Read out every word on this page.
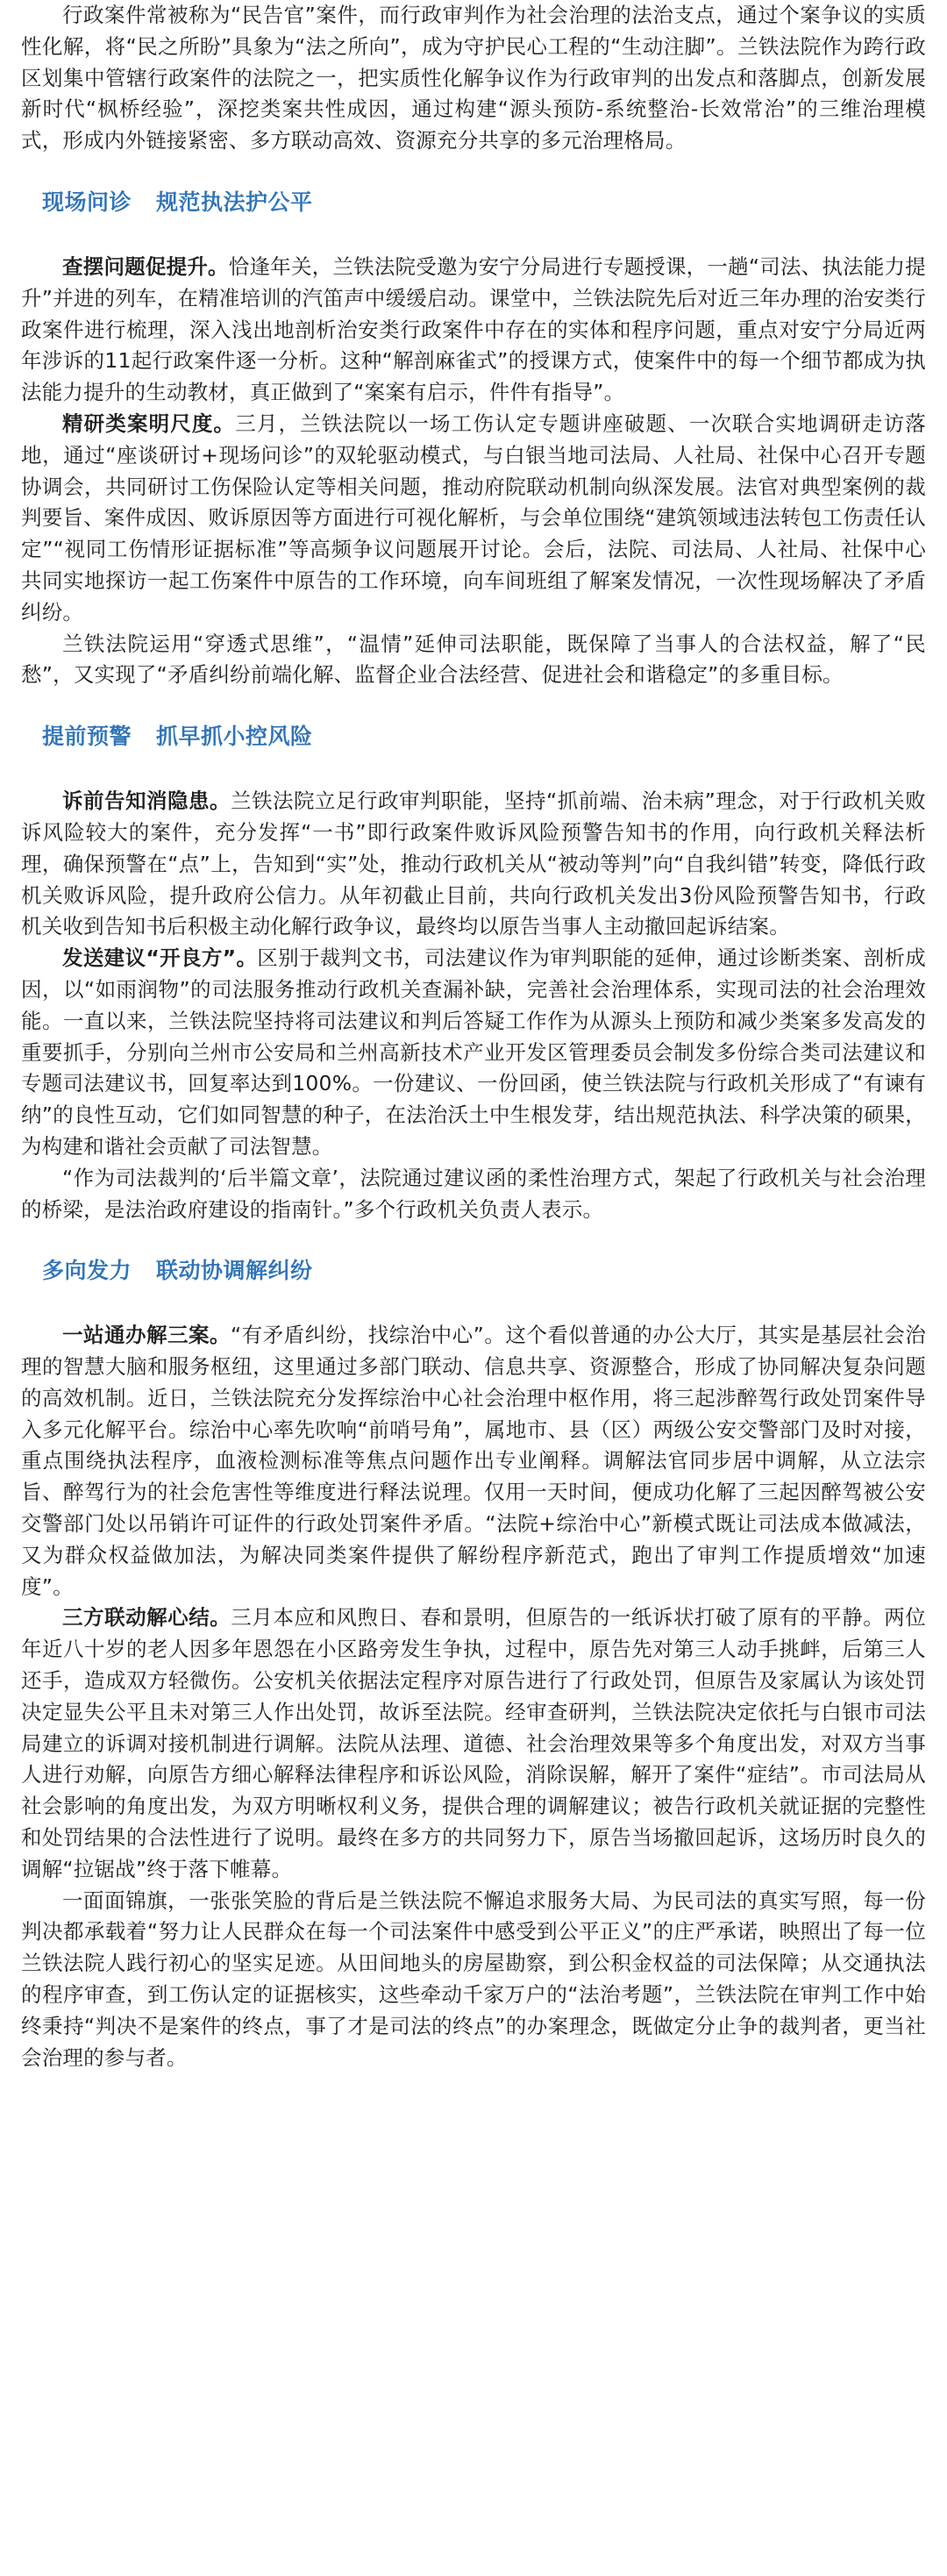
行政案件常被称为“民告官”案件，而行政审判作为社会治理的法治支点，通过个案争议的实质性化解，将“民之所盼”具象为“法之所向”，成为守护民心工程的“生动注脚”。兰铁法院作为跨行政区划集中管辖行政案件的法院之一，把实质性化解争议作为行政审判的出发点和落脚点，创新发展新时代“枫桥经验”，深挖类案共性成因，通过构建“源头预防-系统整治-长效常治”的三维治理模式，形成内外链接紧密、多方联动高效、资源充分共享的多元治理格局。

现场问诊 规范执法护公平

查摆问题促提升。恰逢年关，兰铁法院受邀为安宁分局进行专题授课，一趟“司法、执法能力提升”并进的列车，在精准培训的汽笛声中缓缓启动。课堂中，兰铁法院先后对近三年办理的治安类行政案件进行梳理，深入浅出地剖析治安类行政案件中存在的实体和程序问题，重点对安宁分局近两年涉诉的11起行政案件逐一分析。这种“解剖麻雀式”的授课方式，使案件中的每一个细节都成为执法能力提升的生动教材，真正做到了“案案有启示，件件有指导”。

精研类案明尺度。三月，兰铁法院以一场工伤认定专题讲座破题、一次联合实地调研走访落地，通过“座谈研讨+现场问诊”的双轮驱动模式，与白银当地司法局、人社局、社保中心召开专题协调会，共同研讨工伤保险认定等相关问题，推动府院联动机制向纵深发展。法官对典型案例的裁判要旨、案件成因、败诉原因等方面进行可视化解析，与会单位围绕“建筑领域违法转包工伤责任认定”“视同工伤情形证据标准”等高频争议问题展开讨论。会后，法院、司法局、人社局、社保中心共同实地探访一起工伤案件中原告的工作环境，向车间班组了解案发情况，一次性现场解决了矛盾纠纷。

兰铁法院运用“穿透式思维”，“温情”延伸司法职能，既保障了当事人的合法权益，解了“民愁”，又实现了“矛盾纠纷前端化解、监督企业合法经营、促进社会和谐稳定”的多重目标。

提前预警 抓早抓小控风险

诉前告知消隐患。兰铁法院立足行政审判职能，坚持“抓前端、治未病”理念，对于行政机关败诉风险较大的案件，充分发挥“一书”即行政案件败诉风险预警告知书的作用，向行政机关释法析理，确保预警在“点”上，告知到“实”处，推动行政机关从“被动等判”向“自我纠错”转变，降低行政机关败诉风险，提升政府公信力。从年初截止目前，共向行政机关发出3份风险预警告知书，行政机关收到告知书后积极主动化解行政争议，最终均以原告当事人主动撤回起诉结案。

发送建议“开良方”。区别于裁判文书，司法建议作为审判职能的延伸，通过诊断类案、剖析成因，以“如雨润物”的司法服务推动行政机关查漏补缺，完善社会治理体系，实现司法的社会治理效能。一直以来，兰铁法院坚持将司法建议和判后答疑工作作为从源头上预防和减少类案多发高发的重要抓手，分别向兰州市公安局和兰州高新技术产业开发区管理委员会制发多份综合类司法建议和专题司法建议书，回复率达到100%。一份建议、一份回函，使兰铁法院与行政机关形成了“有谏有纳”的良性互动，它们如同智慧的种子，在法治沃土中生根发芽，结出规范执法、科学决策的硕果，为构建和谐社会贡献了司法智慧。

“作为司法裁判的‘后半篇文章’，法院通过建议函的柔性治理方式，架起了行政机关与社会治理的桥梁，是法治政府建设的指南针。”多个行政机关负责人表示。

多向发力 联动协调解纠纷

一站通办解三案。“有矛盾纠纷，找综治中心”。这个看似普通的办公大厅，其实是基层社会治理的智慧大脑和服务枢纽，这里通过多部门联动、信息共享、资源整合，形成了协同解决复杂问题的高效机制。近日，兰铁法院充分发挥综治中心社会治理中枢作用，将三起涉醉驾行政处罚案件导入多元化解平台。综治中心率先吹响“前哨号角”，属地市、县（区）两级公安交警部门及时对接，重点围绕执法程序，血液检测标准等焦点问题作出专业阐释。调解法官同步居中调解，从立法宗旨、醉驾行为的社会危害性等维度进行释法说理。仅用一天时间，便成功化解了三起因醉驾被公安交警部门处以吊销许可证件的行政处罚案件矛盾。“法院+综治中心”新模式既让司法成本做减法，又为群众权益做加法，为解决同类案件提供了解纷程序新范式，跑出了审判工作提质增效“加速度”。

三方联动解心结。三月本应和风煦日、春和景明，但原告的一纸诉状打破了原有的平静。两位年近八十岁的老人因多年恩怨在小区路旁发生争执，过程中，原告先对第三人动手挑衅，后第三人还手，造成双方轻微伤。公安机关依据法定程序对原告进行了行政处罚，但原告及家属认为该处罚决定显失公平且未对第三人作出处罚，故诉至法院。经审查研判，兰铁法院决定依托与白银市司法局建立的诉调对接机制进行调解。法院从法理、道德、社会治理效果等多个角度出发，对双方当事人进行劝解，向原告方细心解释法律程序和诉讼风险，消除误解，解开了案件“症结”。市司法局从社会影响的角度出发，为双方明晰权利义务，提供合理的调解建议；被告行政机关就证据的完整性和处罚结果的合法性进行了说明。最终在多方的共同努力下，原告当场撤回起诉，这场历时良久的调解“拉锯战”终于落下帷幕。

一面面锦旗，一张张笑脸的背后是兰铁法院不懈追求服务大局、为民司法的真实写照，每一份判决都承载着“努力让人民群众在每一个司法案件中感受到公平正义”的庄严承诺，映照出了每一位兰铁法院人践行初心的坚实足迹。从田间地头的房屋勘察，到公积金权益的司法保障；从交通执法的程序审查，到工伤认定的证据核实，这些牵动千家万户的“法治考题”，兰铁法院在审判工作中始终秉持“判决不是案件的终点，事了才是司法的终点”的办案理念，既做定分止争的裁判者，更当社会治理的参与者。
